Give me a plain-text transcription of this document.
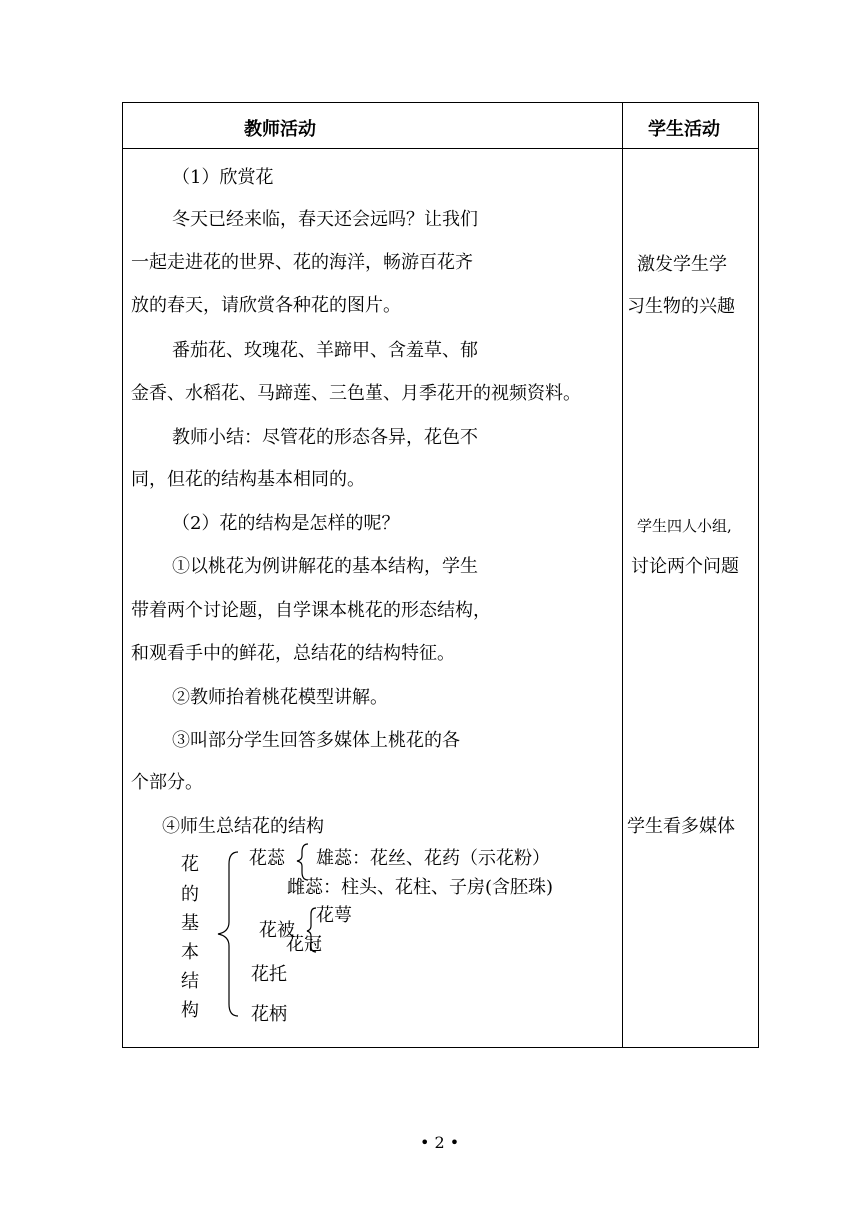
教师活动	学生活动
（1）欣赏花
冬天已经来临，春天还会远吗？让我们
一起走进花的世界、花的海洋，畅游百花齐
放的春天，请欣赏各种花的图片。
番茄花、玫瑰花、羊蹄甲、含羞草、郁
金香、水稻花、马蹄莲、三色堇、月季花开的视频资料。
教师小结：尽管花的形态各异，花色不
同，但花的结构基本相同的。
（2）花的结构是怎样的呢？
①以桃花为例讲解花的基本结构，学生
带着两个讨论题，自学课本桃花的形态结构，
和观看手中的鲜花，总结花的结构特征。
②教师抬着桃花模型讲解。
③叫部分学生回答多媒体上桃花的各
个部分。
④师生总结花的结构
激发学生学
习生物的兴趣
学生四人小组,
讨论两个问题
学生看多媒体
花
的
基
本
结
构
花蕊 雄蕊：花丝、花药（示花粉）
雌蕊：柱头、花柱、子房(含胚珠)
花萼
花被
花冠
花托
花柄
• 2 •
